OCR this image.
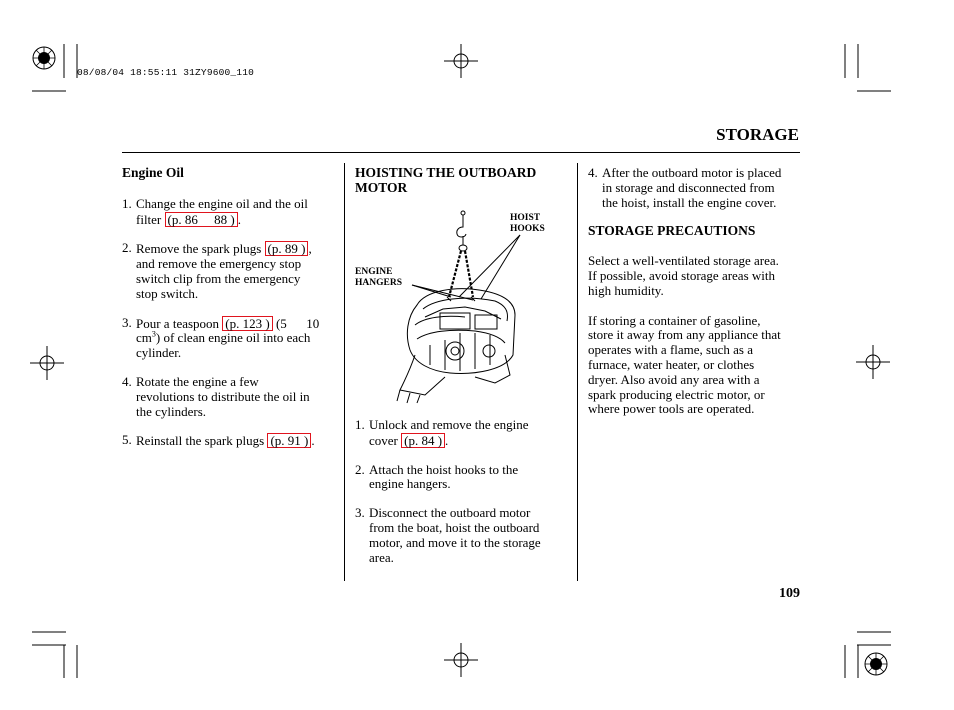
08/08/04 18:55:11 31ZY9600_110
STORAGE
Engine Oil
1. Change the engine oil and the oil
filter (p. 86     88 ) .
2. Remove the spark plugs (p. 89 ) ,
and remove the emergency stop
switch clip from the emergency
stop switch.
3. Pour a teaspoon (p. 123 ) (5      10
$cm^3$) of clean engine oil into each
cylinder.
4. Rotate the engine a few
revolutions to distribute the oil in
the cylinders.
5. Reinstall the spark plugs (p. 91 ) .
HOISTING THE OUTBOARD
MOTOR
HOIST
HOOKS
ENGINE
HANGERS
1. Unlock and remove the engine
cover (p. 84 ) .
2. Attach the hoist hooks to the
engine hangers.
3. Disconnect the outboard motor
from the boat, hoist the outboard
motor, and move it to the storage
area.
4. After the outboard motor is placed
in storage and disconnected from
the hoist, install the engine cover.
STORAGE PRECAUTIONS
Select a well-ventilated storage area.
If possible, avoid storage areas with
high humidity.
If storing a container of gasoline,
store it away from any appliance that
operates with a flame, such as a
furnace, water heater, or clothes
dryer. Also avoid any area with a
spark producing electric motor, or
where power tools are operated.
109
